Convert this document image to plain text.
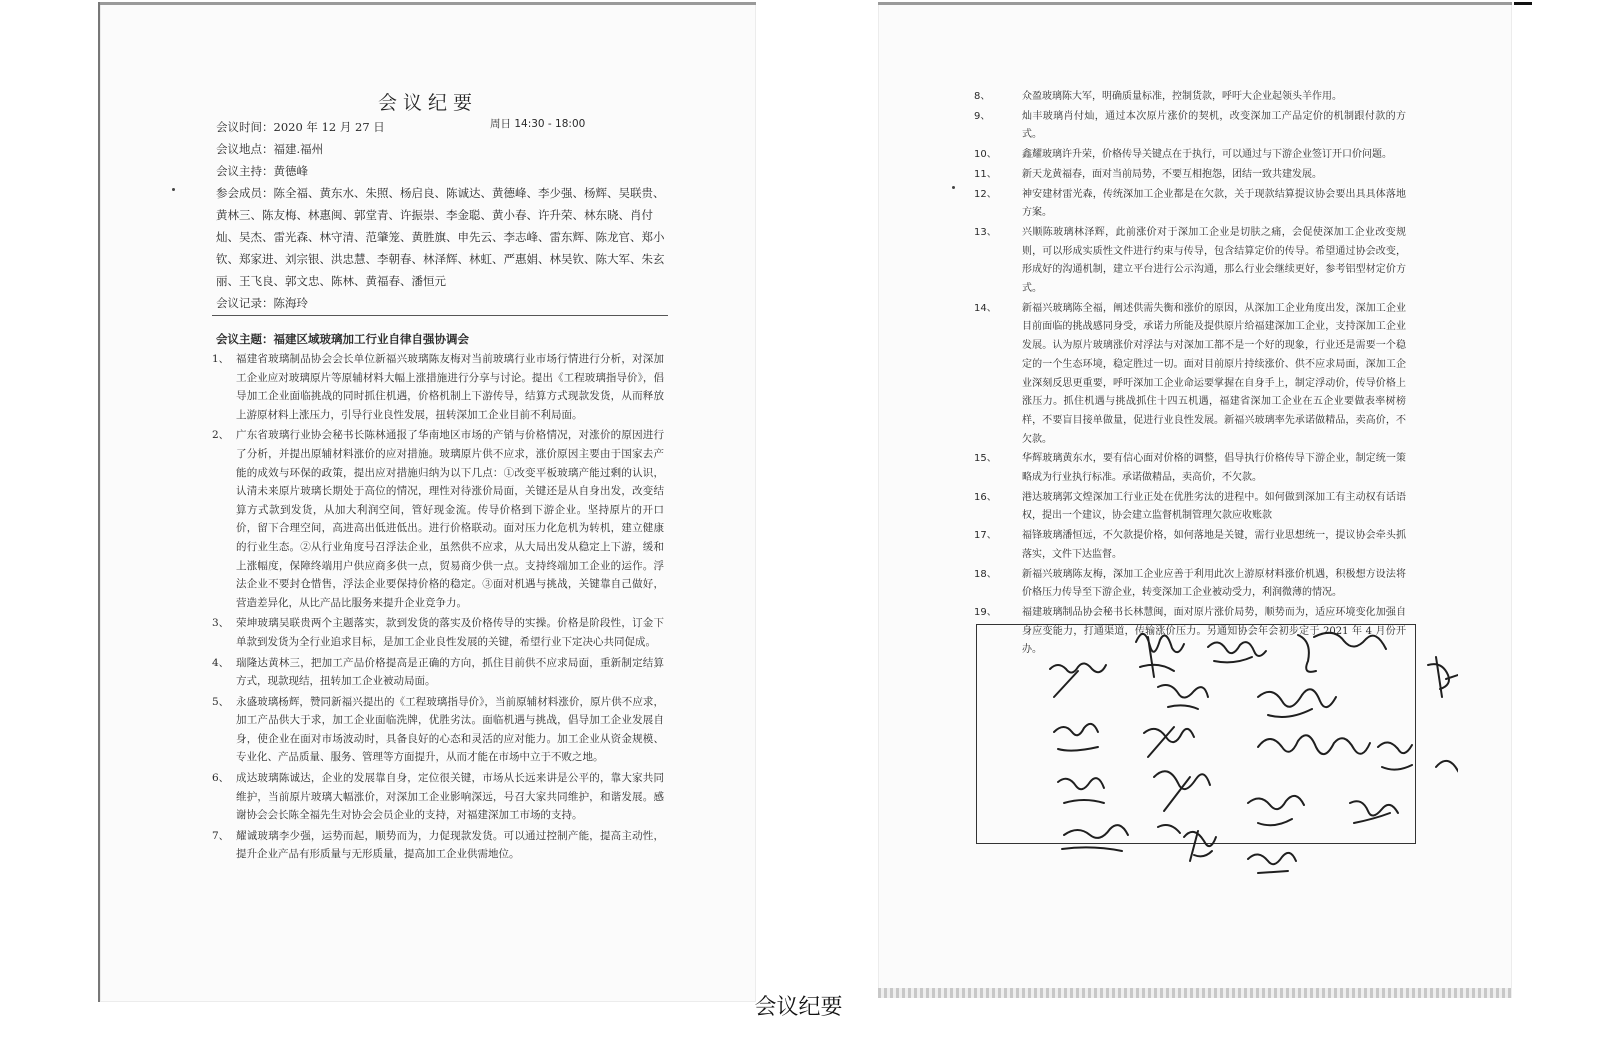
会议纪要
会议时间：2020 年 12 月 27 日
会议地点：福建.福州
会议主持：黄德峰

参会成员：陈全福、黄东水、朱照、杨启良、陈诚达、黄德峰、李少强、杨辉、吴联贵、黄林三、陈友梅、林惠闽、郭堂青、许振崇、李金聪、黄小春、许升荣、林东晓、肖付灿、吴杰、雷光森、林守清、范肇笼、黄胜旗、申先云、李志峰、雷东辉、陈龙官、郑小钦、郑家进、刘宗银、洪忠慧、李朝春、林泽辉、林虹、严惠娟、林吴钦、陈大军、朱玄丽、王飞良、郭文忠、陈林、黄福春、潘恒元

会议记录：陈海玲
周日 14:30 - 18:00
会议主题：福建区域玻璃加工行业自律自强协调会
1、 福建省玻璃制品协会会长单位新福兴玻璃陈友梅对当前玻璃行业市场行情进行分析，对深加工企业应对玻璃原片等原辅材料大幅上涨措施进行分享与讨论。提出《工程玻璃指导价》，倡导加工企业面临挑战的同时抓住机遇，价格机制上下游传导，结算方式现款发货，从而释放上游原材料上涨压力，引导行业良性发展，扭转深加工企业目前不利局面。
2、 广东省玻璃行业协会秘书长陈林通报了华南地区市场的产销与价格情况，对涨价的原因进行了分析，并提出原辅材料涨价的应对措施。玻璃原片供不应求，涨价原因主要由于国家去产能的成效与环保的政策，提出应对措施归纳为以下几点：①改变平板玻璃产能过剩的认识，认清未来原片玻璃长期处于高位的情况，理性对待涨价局面，关键还是从自身出发，改变结算方式款到发货，从加大利润空间，管好现金流。传导价格到下游企业。坚持原片的开口价，留下合理空间，高进高出低进低出。进行价格联动。面对压力化危机为转机，建立健康的行业生态。②从行业角度号召浮法企业，虽然供不应求，从大局出发从稳定上下游，缓和上涨幅度，保障终端用户供应商多供一点，贸易商少供一点。支持终端加工企业的运作。浮法企业不要封仓惜售，浮法企业要保持价格的稳定。③面对机遇与挑战，关键靠自己做好，营造差异化，从比产品比服务来提升企业竞争力。
3、 荣坤玻璃吴联贵两个主题落实，款到发货的落实及价格传导的实操。价格是阶段性，订金下单款到发货为全行业追求目标，是加工企业良性发展的关键，希望行业下定决心共同促成。
4、 瑞隆达黄林三，把加工产品价格提高是正确的方向，抓住目前供不应求局面，重新制定结算方式，现款现结，扭转加工企业被动局面。
5、 永盛玻璃杨辉，赞同新福兴提出的《工程玻璃指导价》，当前原辅材料涨价，原片供不应求，加工产品供大于求，加工企业面临洗牌，优胜劣汰。面临机遇与挑战，倡导加工企业发展自身，使企业在面对市场波动时，具备良好的心态和灵活的应对能力。加工企业从资金规模、专业化、产品质量、服务、管理等方面提升，从而才能在市场中立于不败之地。
6、 成达玻璃陈诚达，企业的发展靠自身，定位很关键，市场从长远来讲是公平的，靠大家共同维护，当前原片玻璃大幅涨价，对深加工企业影响深远，号召大家共同维护，和谐发展。感谢协会会长陈全福先生对协会会员企业的支持，对福建深加工市场的支持。
7、 耀诚玻璃李少强，运势而起，顺势而为，力促现款发货。可以通过控制产能，提高主动性，提升企业产品有形质量与无形质量，提高加工企业供需地位。
8、	众盈玻璃陈大军，明确质量标准，控制货款，呼吁大企业起领头羊作用。
9、	灿丰玻璃肖付灿，通过本次原片涨价的契机，改变深加工产品定价的机制跟付款的方式。
10、	鑫耀玻璃许升荣，价格传导关键点在于执行，可以通过与下游企业签订开口价问题。
11、	新天龙黄福春，面对当前局势，不要互相抱怨，团结一致共建发展。
12、	神安建材雷光森，传统深加工企业都是在欠款，关于现款结算提议协会要出具具体落地方案。
13、	兴顺陈玻璃林泽辉，此前涨价对于深加工企业是切肤之痛，会促使深加工企业改变规则，可以形成实质性文件进行约束与传导，包含结算定价的传导。希望通过协会改变，形成好的沟通机制，建立平台进行公示沟通，那么行业会继续更好，参考铝型材定价方式。
14、	新福兴玻璃陈全福，阐述供需失衡和涨价的原因，从深加工企业角度出发，深加工企业目前面临的挑战感同身受，承诺力所能及提供原片给福建深加工企业，支持深加工企业发展。认为原片玻璃涨价对浮法与对深加工都不是一个好的现象，行业还是需要一个稳定的一个生态环境，稳定胜过一切。面对目前原片持续涨价、供不应求局面，深加工企业深刻反思更重要，呼吁深加工企业命运要掌握在自身手上，制定浮动价，传导价格上涨压力。抓住机遇与挑战抓住十四五机遇，福建省深加工企业在五企业要做表率树榜样，不要盲目接单做量，促进行业良性发展。新福兴玻璃率先承诺做精品，卖高价，不欠款。
15、	华辉玻璃黄东水，要有信心面对价格的调整，倡导执行价格传导下游企业，制定统一策略成为行业执行标准。承诺做精品，卖高价，不欠款。
16、	港达玻璃郭文煌深加工行业正处在优胜劣汰的进程中。如何做到深加工有主动权有话语权，提出一个建议，协会建立监督机制管理欠款应收账款
17、	福锋玻璃潘恒远，不欠款提价格，如何落地是关键，需行业思想统一，提议协会牵头抓落实，文件下达监督。
18、	新福兴玻璃陈友梅，深加工企业应善于利用此次上游原材料涨价机遇，积极想方设法将价格压力传导至下游企业，转变深加工企业被动受力，利润微薄的情况。
19、	福建玻璃制品协会秘书长林慧闽，面对原片涨价局势，顺势而为，适应环境变化加强自身应变能力，打通渠道，传输涨价压力。另通知协会年会初步定于 2021 年 4 月份开办。
会议纪要
